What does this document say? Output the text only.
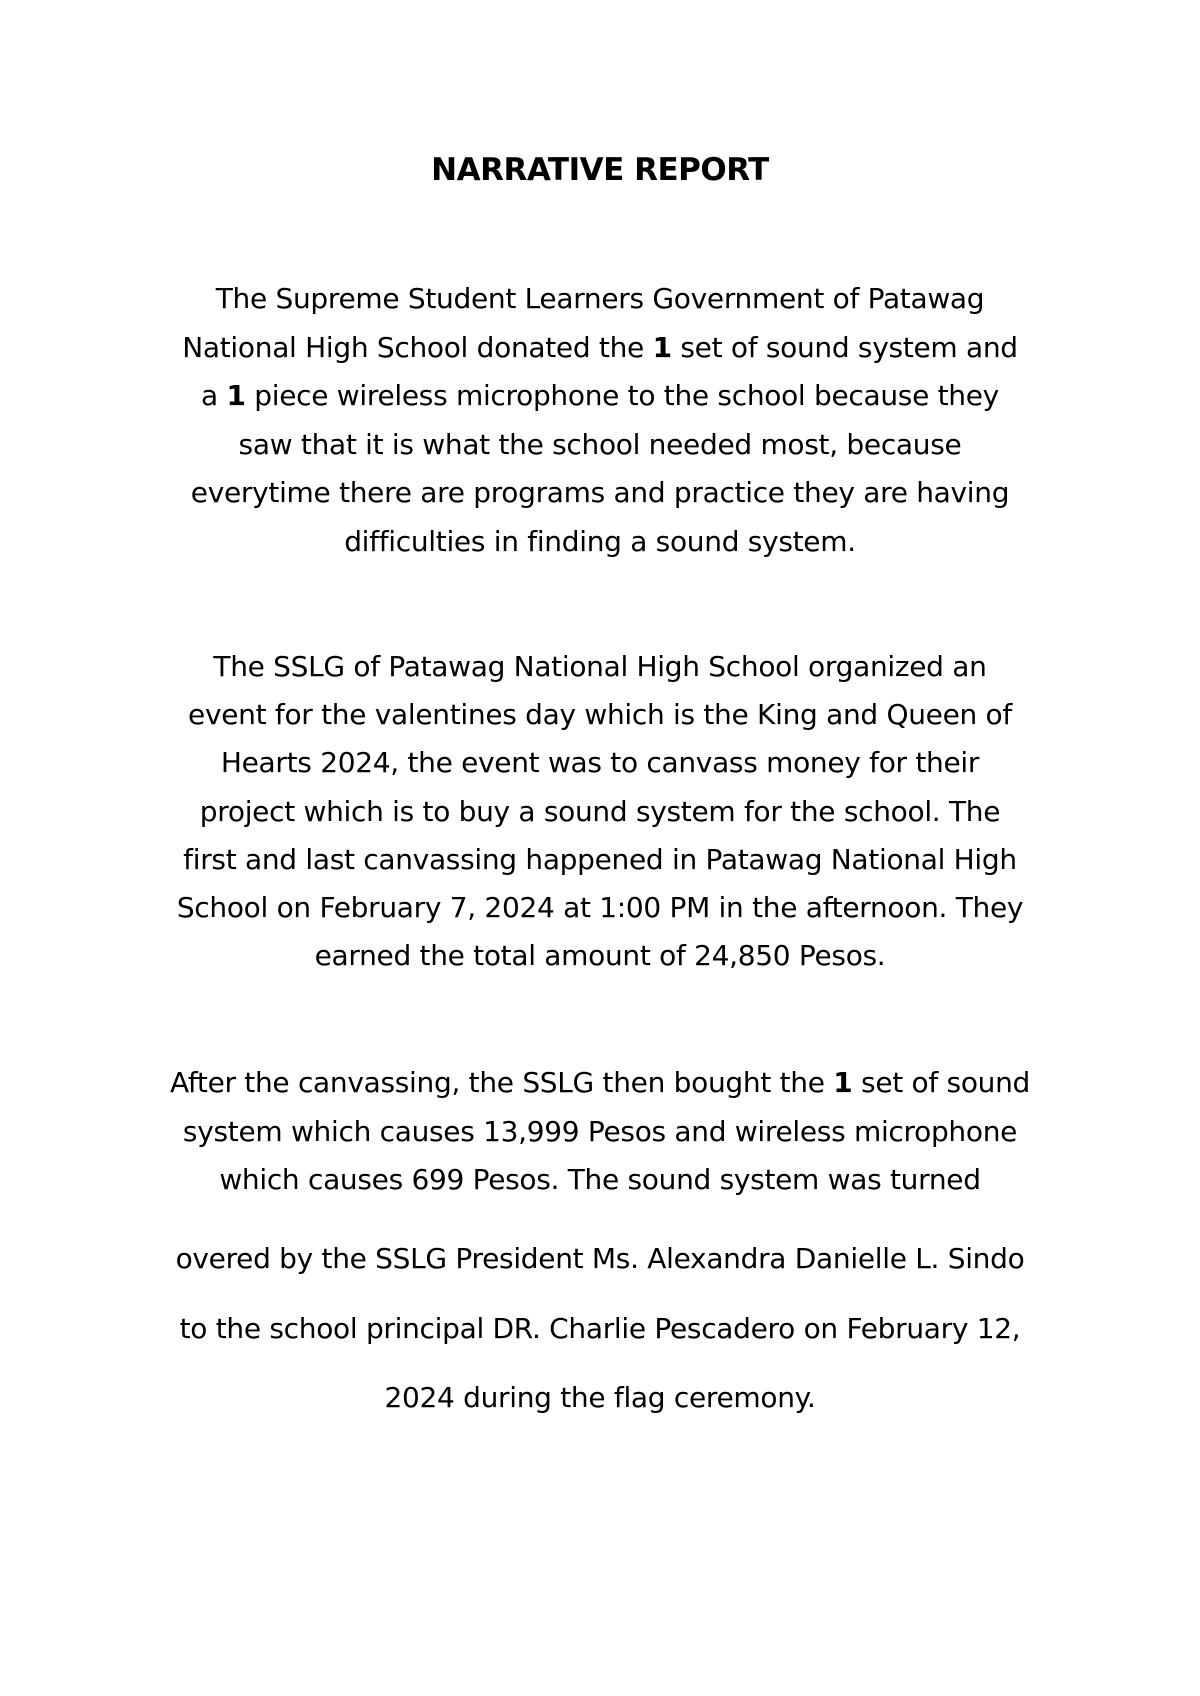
NARRATIVE REPORT
The Supreme Student Learners Government of Patawag
National High School donated the 1 set of sound system and
a 1 piece wireless microphone to the school because they
saw that it is what the school needed most, because
everytime there are programs and practice they are having
difficulties in finding a sound system.
The SSLG of Patawag National High School organized an
event for the valentines day which is the King and Queen of
Hearts 2024, the event was to canvass money for their
project which is to buy a sound system for the school. The
first and last canvassing happened in Patawag National High
School on February 7, 2024 at 1:00 PM in the afternoon. They
earned the total amount of 24,850 Pesos.
After the canvassing, the SSLG then bought the 1 set of sound
system which causes 13,999 Pesos and wireless microphone
which causes 699 Pesos. The sound system was turned
overed by the SSLG President Ms. Alexandra Danielle L. Sindo
to the school principal DR. Charlie Pescadero on February 12,
2024 during the flag ceremony.
